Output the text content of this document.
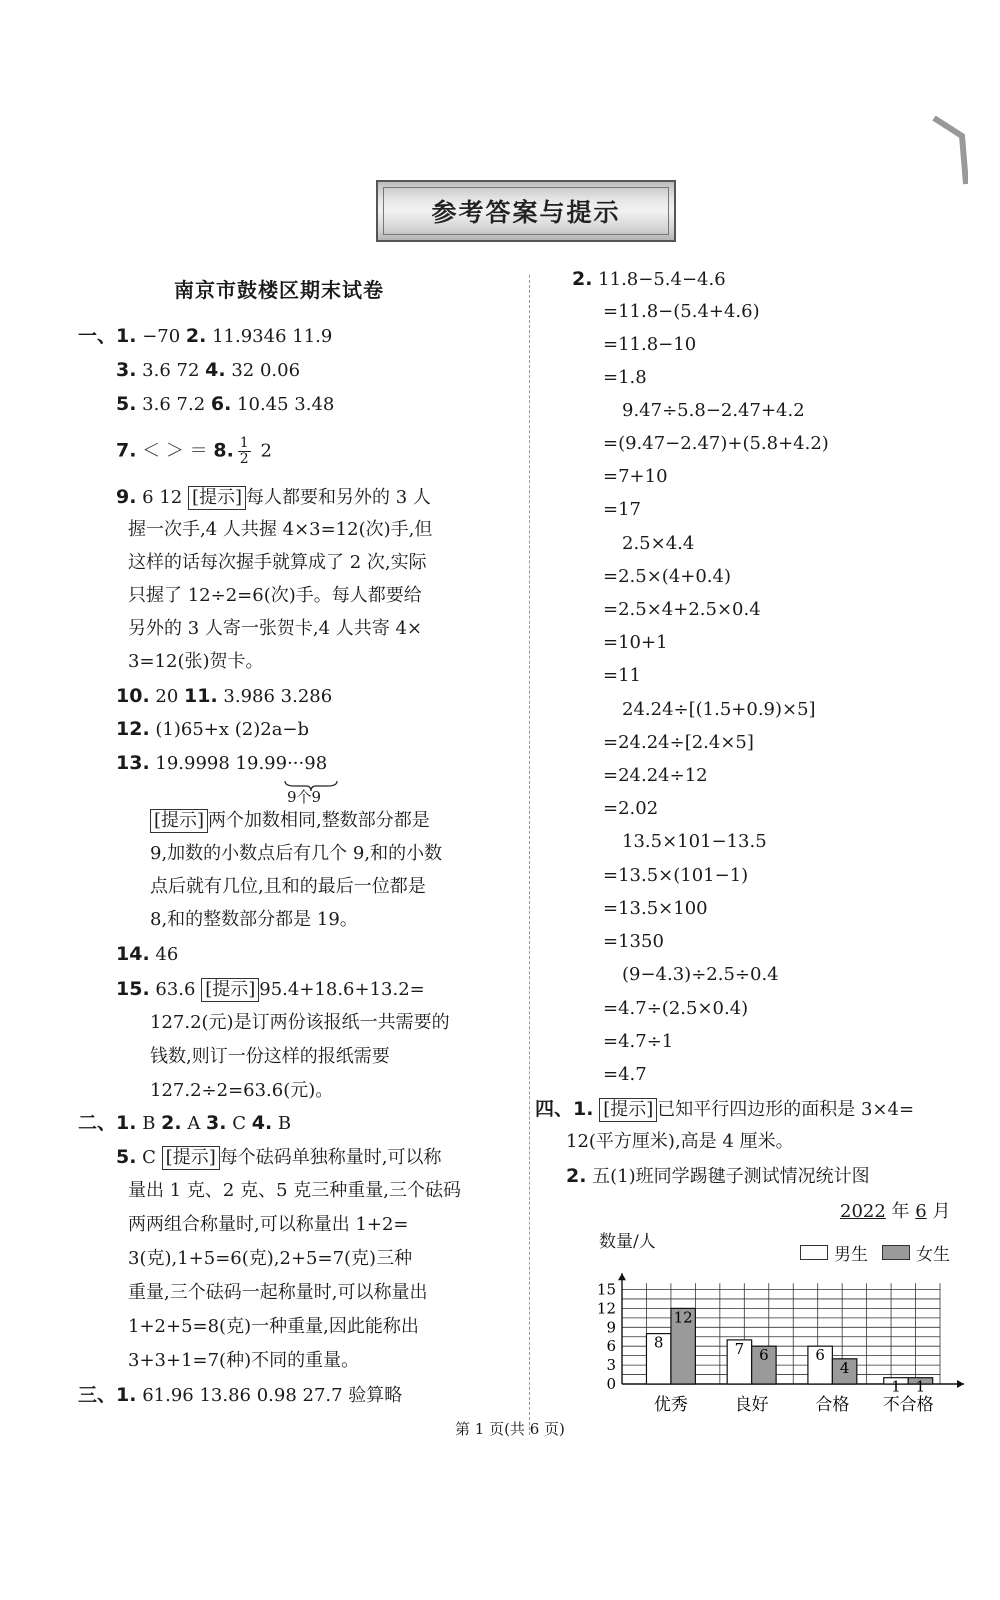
参考答案与提示
南京市鼓楼区期末试卷
一、1. −70 2. 11.9346 11.9
3. 3.6 72 4. 32 0.06
5. 3.6 7.2 6. 10.45 3.48
7. ＜ ＞ ＝ 8. $\frac{1}{2} 2$
9. 6 12 [提示] 每人都要和另外的 3 人
握一次手,4 人共握 4×3=12(次)手,但
这样的话每次握手就算成了 2 次,实际
只握了 12÷2=6(次)手。每人都要给
另外的 3 人寄一张贺卡,4 人共寄 4×
3=12(张)贺卡。
10. 20 11. 3.986 3.286
12. (1)65+x (2)2a−b
13. 19.9998 19.99···98
[提示] 两个加数相同,整数部分都是
9,加数的小数点后有几个 9,和的小数
点后就有几位,且和的最后一位都是
8,和的整数部分都是 19。
14. 46
15. 63.6 [提示] 95.4+18.6+13.2=
127.2(元)是订两份该报纸一共需要的
钱数,则订一份这样的报纸需要
127.2÷2=63.6(元)。
二、1. B 2. A 3. C 4. B
5. C [提示] 每个砝码单独称量时,可以称
量出 1 克、2 克、5 克三种重量,三个砝码
两两组合称量时,可以称量出 1+2=
3(克),1+5=6(克),2+5=7(克)三种
重量,三个砝码一起称量时,可以称量出
1+2+5=8(克)一种重量,因此能称出
3+3+1=7(种)不同的重量。
三、1. 61.96 13.86 0.98 27.7 验算略
2. 11.8−5.4−4.6
=11.8−(5.4+4.6)
=11.8−10
=1.8
9.47÷5.8−2.47+4.2
=(9.47−2.47)+(5.8+4.2)
=7+10
=17
2.5×4.4
=2.5×(4+0.4)
=2.5×4+2.5×0.4
=10+1
=11
24.24÷[(1.5+0.9)×5]
=24.24÷[2.4×5]
=24.24÷12
=2.02
13.5×101−13.5
=13.5×(101−1)
=13.5×100
=1350
(9−4.3)÷2.5÷0.4
=4.7÷(2.5×0.4)
=4.7÷1
=4.7
四、1. [提示] 已知平行四边形的面积是 3×4=
12(平方厘米),高是 4 厘米。
2. 五(1)班同学踢毽子测试情况统计图
9个9
2022 年 6 月
数量/人
男生	女生
0
3
6
9
12
15
8
12
优秀
7 6
良好
6
4
合格
1 1
不合格
第 1 页(共 6 页)
